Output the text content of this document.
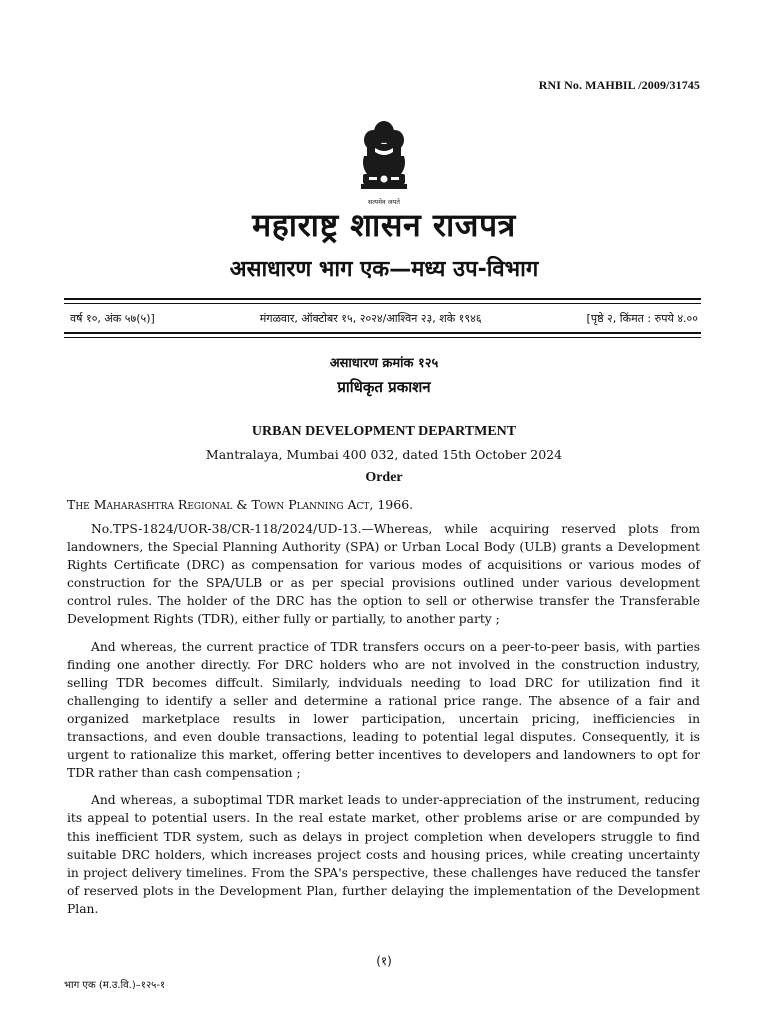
RNI No. MAHBIL /2009/31745
सत्यमेव जयते
महाराष्ट्र शासन राजपत्र
असाधारण भाग एक—मध्य उप-विभाग
वर्ष १०, अंक ५७(५)]	मंगळवार, ऑक्टोबर १५, २०२४/आश्विन २३, शके १९४६	[पृष्ठे २, किंमत : रुपये ४.००
असाधारण क्रमांक १२५
प्राधिकृत प्रकाशन
URBAN DEVELOPMENT DEPARTMENT
Mantralaya, Mumbai 400 032, dated 15th October 2024
Order
The Maharashtra Regional & Town Planning Act, 1966.

No.TPS-1824/UOR-38/CR-118/2024/UD-13.—Whereas, while acquiring reserved plots from landowners, the Special Planning Authority (SPA) or Urban Local Body (ULB) grants a Development Rights Certificate (DRC) as compensation for various modes of acquisitions or various modes of construction for the SPA/ULB or as per special provisions outlined under various development control rules. The holder of the DRC has the option to sell or otherwise transfer the Transferable Development Rights (TDR), either fully or partially, to another party ;

And whereas, the current practice of TDR transfers occurs on a peer-to-peer basis, with parties finding one another directly. For DRC holders who are not involved in the construction industry, selling TDR becomes diffcult. Similarly, indviduals needing to load DRC for utilization find it challenging to identify a seller and determine a rational price range. The absence of a fair and organized marketplace results in lower participation, uncertain pricing, inefficiencies in transactions, and even double transactions, leading to potential legal disputes. Consequently, it is urgent to rationalize this market, offering better incentives to developers and landowners to opt for TDR rather than cash compensation ;

And whereas, a suboptimal TDR market leads to under-appreciation of the instrument, reducing its appeal to potential users. In the real estate market, other problems arise or are compunded by this inefficient TDR system, such as delays in project completion when developers struggle to find suitable DRC holders, which increases project costs and housing prices, while creating uncertainty in project delivery timelines. From the SPA's perspective, these challenges have reduced the tansfer of reserved plots in the Development Plan, further delaying the implementation of the Development Plan.

(१)
भाग एक (म.उ.वि.)–१२५-१
